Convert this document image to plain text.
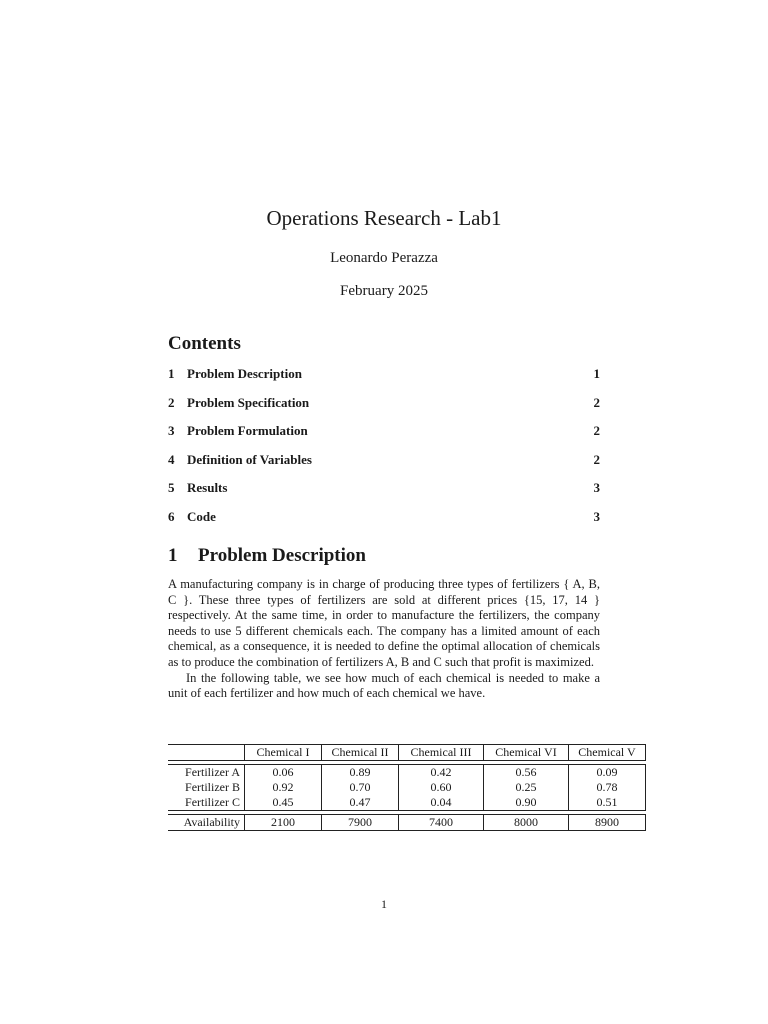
Operations Research - Lab1
Leonardo Perazza
February 2025
Contents
1 Problem Description	1
2 Problem Specification	2
3 Problem Formulation	2
4 Definition of Variables	2
5 Results	3
6 Code	3
1 Problem Description

A manufacturing company is in charge of producing three types of fertilizers { A, B, C }. These three types of fertilizers are sold at different prices {15, 17, 14 } respectively. At the same time, in order to manufacture the fertilizers, the company needs to use 5 different chemicals each. The company has a limited amount of each chemical, as a consequence, it is needed to define the optimal allocation of chemicals as to produce the combination of fertilizers A, B and C such that profit is maximized.

In the following table, we see how much of each chemical is needed to make a unit of each fertilizer and how much of each chemical we have.

	Chemical I	Chemical II	Chemical III	Chemical VI	Chemical V

Fertilizer A	0.06	0.89	0.42	0.56	0.09
Fertilizer B	0.92	0.70	0.60	0.25	0.78
Fertilizer C	0.45	0.47	0.04	0.90	0.51

Availability	2100	7900	7400	8000	8900
1
